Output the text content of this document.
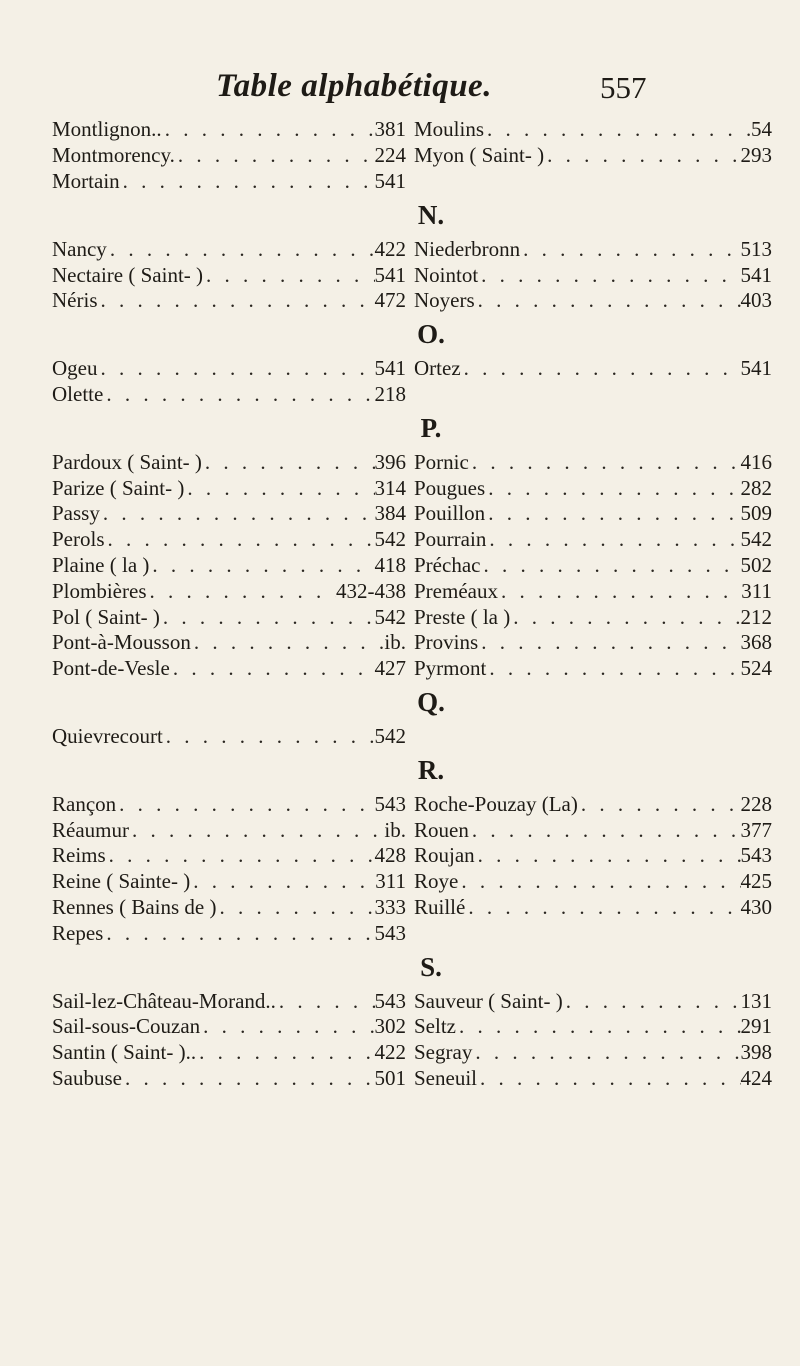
Table alphabétique.	557
Montlignon.. . . .	381 Moulins . . .	54
Montmorency. . . .	224 Myon ( Saint- ) . . .	293
Mortain . . .	541
N.
Nancy . . .	422 Niederbronn . . .	513
Nectaire ( Saint- ) . . .	541 Nointot . . .	541
Néris . . .	472 Noyers . . .	403
O.
Ogeu . . .	541 Ortez . . .	541
Olette . . .	218
P.
Pardoux ( Saint- ) . . .	396 Pornic . . .	416
Parize ( Saint- ) . . .	314 Pougues . . .	282
Passy . . .	384 Pouillon . . .	509
Perols . . .	542 Pourrain . . .	542
Plaine ( la ) . . .	418 Préchac . . .	502
Plombières . . .	432-438 Preméaux . . .	311
Pol ( Saint- ) . . .	542 Preste ( la ) . . .	212
Pont-à-Mousson . . .	ib. Provins . . .	368
Pont-de-Vesle . . .	427 Pyrmont . . .	524
Q.
Quievrecourt . . .	542
R.
Rançon . . .	543 Roche-Pouzay (La) . . .	228
Réaumur . . .	ib. Rouen . . .	377
Reims . . .	428 Roujan . . .	543
Reine ( Sainte- ) . . .	311 Roye . . .	425
Rennes ( Bains de ) . . .	333 Ruillé . . .	430
Repes . . .	543
S.
Sail-lez-Château-Morand.. . . .	543 Sauveur ( Saint- ) . . .	131
Sail-sous-Couzan . . .	302 Seltz . . .	291
Santin ( Saint- ).. . . .	422 Segray . . .	398
Saubuse . . .	501 Seneuil . . .	424
